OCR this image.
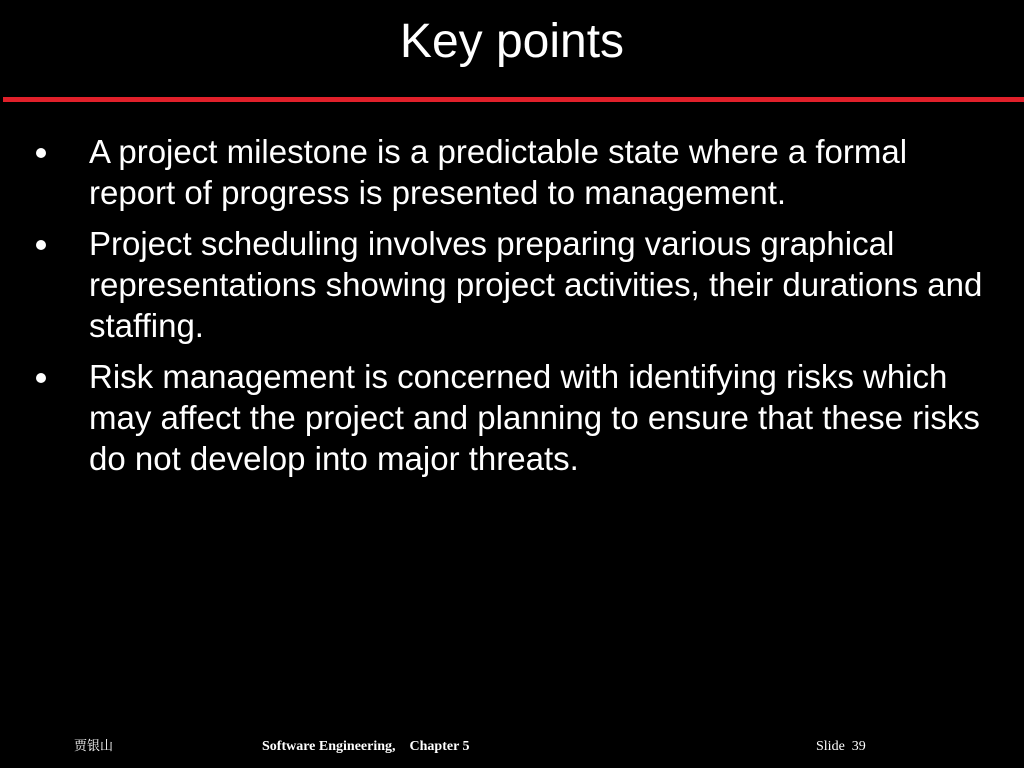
Key points
A project milestone is a predictable state where a formal report of progress is presented to management.
Project scheduling involves preparing various graphical representations showing project activities, their durations and staffing.
Risk management is concerned with identifying risks which may affect the project and planning to ensure that these risks do not develop into major threats.
贾银山	Software Engineering,    Chapter 5	Slide  39
